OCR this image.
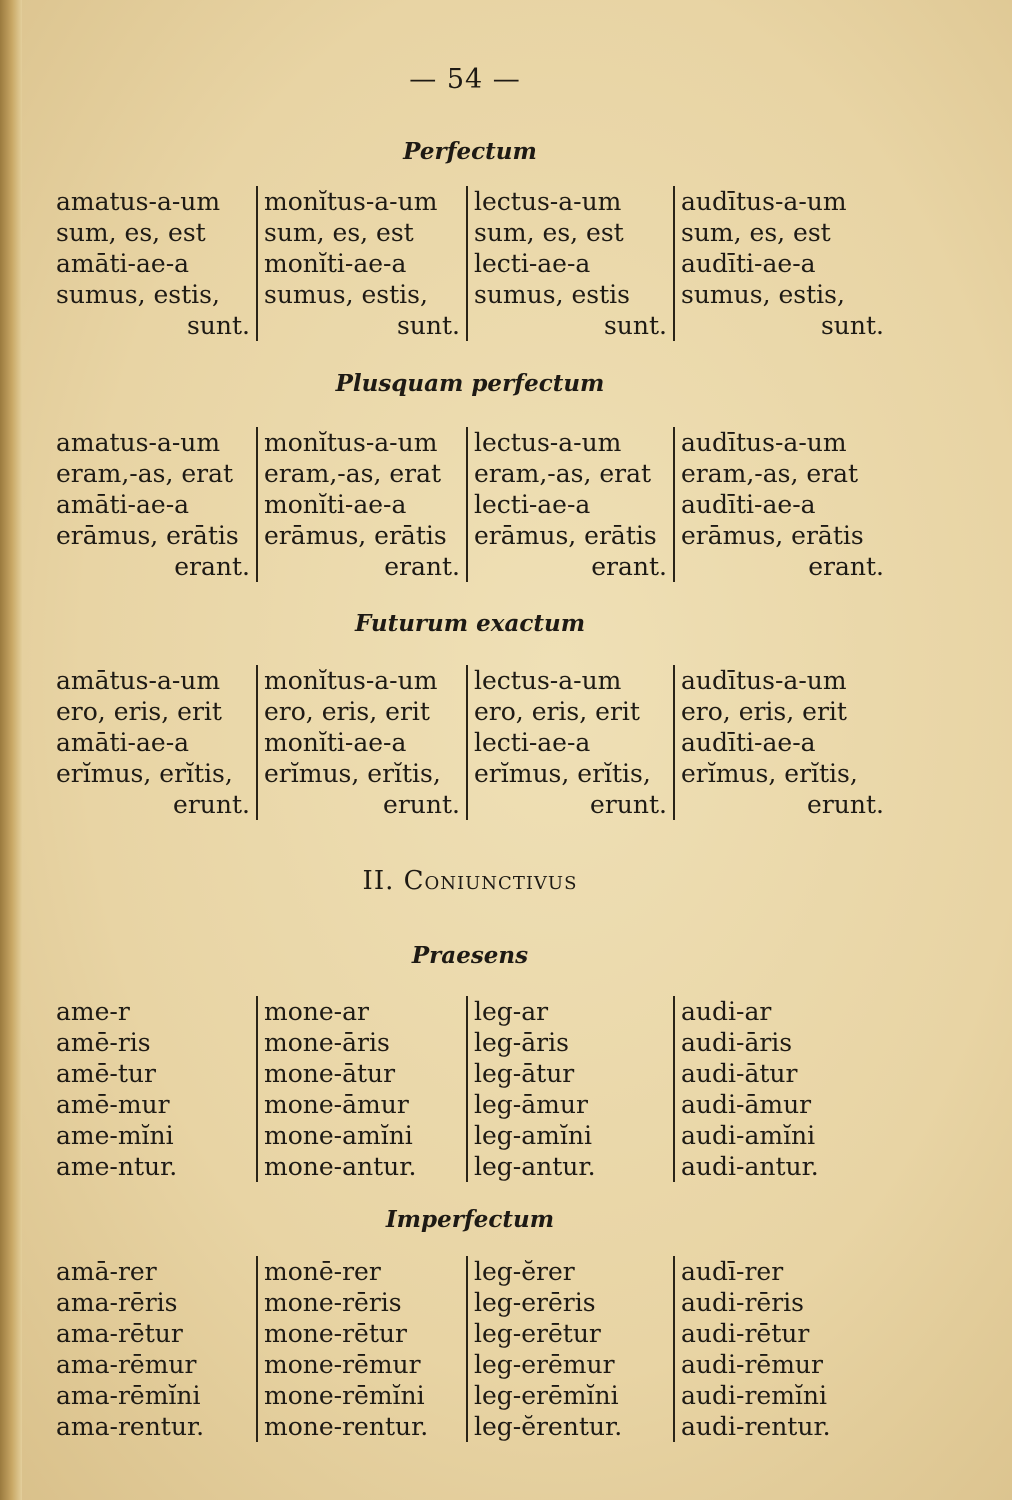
— 54 —
Perfectum
amatus-a-um
sum, es, est
amāti-ae-a
sumus, estis,
sunt.
monĭtus-a-um
sum, es, est
monĭti-ae-a
sumus, estis,
sunt.
lectus-a-um
sum, es, est
lecti-ae-a
sumus, estis
sunt.
audītus-a-um
sum, es, est
audīti-ae-a
sumus, estis,
sunt.
Plusquam perfectum
amatus-a-um
eram,-as, erat
amāti-ae-a
erāmus, erātis
erant.
monĭtus-a-um
eram,-as, erat
monĭti-ae-a
erāmus, erātis
erant.
lectus-a-um
eram,-as, erat
lecti-ae-a
erāmus, erātis
erant.
audītus-a-um
eram,-as, erat
audīti-ae-a
erāmus, erātis
erant.
Futurum exactum
amātus-a-um
ero, eris, erit
amāti-ae-a
erĭmus, erĭtis,
erunt.
monĭtus-a-um
ero, eris, erit
monĭti-ae-a
erĭmus, erĭtis,
erunt.
lectus-a-um
ero, eris, erit
lecti-ae-a
erĭmus, erĭtis,
erunt.
audītus-a-um
ero, eris, erit
audīti-ae-a
erĭmus, erĭtis,
erunt.
II. Coniunctivus
Praesens
ame-r
amē-ris
amē-tur
amē-mur
ame-mĭni
ame-ntur.
mone-ar
mone-āris
mone-ātur
mone-āmur
mone-amĭni
mone-antur.
leg-ar
leg-āris
leg-ātur
leg-āmur
leg-amĭni
leg-antur.
audi-ar
audi-āris
audi-ātur
audi-āmur
audi-amĭni
audi-antur.
Imperfectum
amā-rer
ama-rēris
ama-rētur
ama-rēmur
ama-rēmĭni
ama-rentur.
monē-rer
mone-rēris
mone-rētur
mone-rēmur
mone-rēmĭni
mone-rentur.
leg-ĕrer
leg-erēris
leg-erētur
leg-erēmur
leg-erēmĭni
leg-ĕrentur.
audī-rer
audi-rēris
audi-rētur
audi-rēmur
audi-remĭni
audi-rentur.
